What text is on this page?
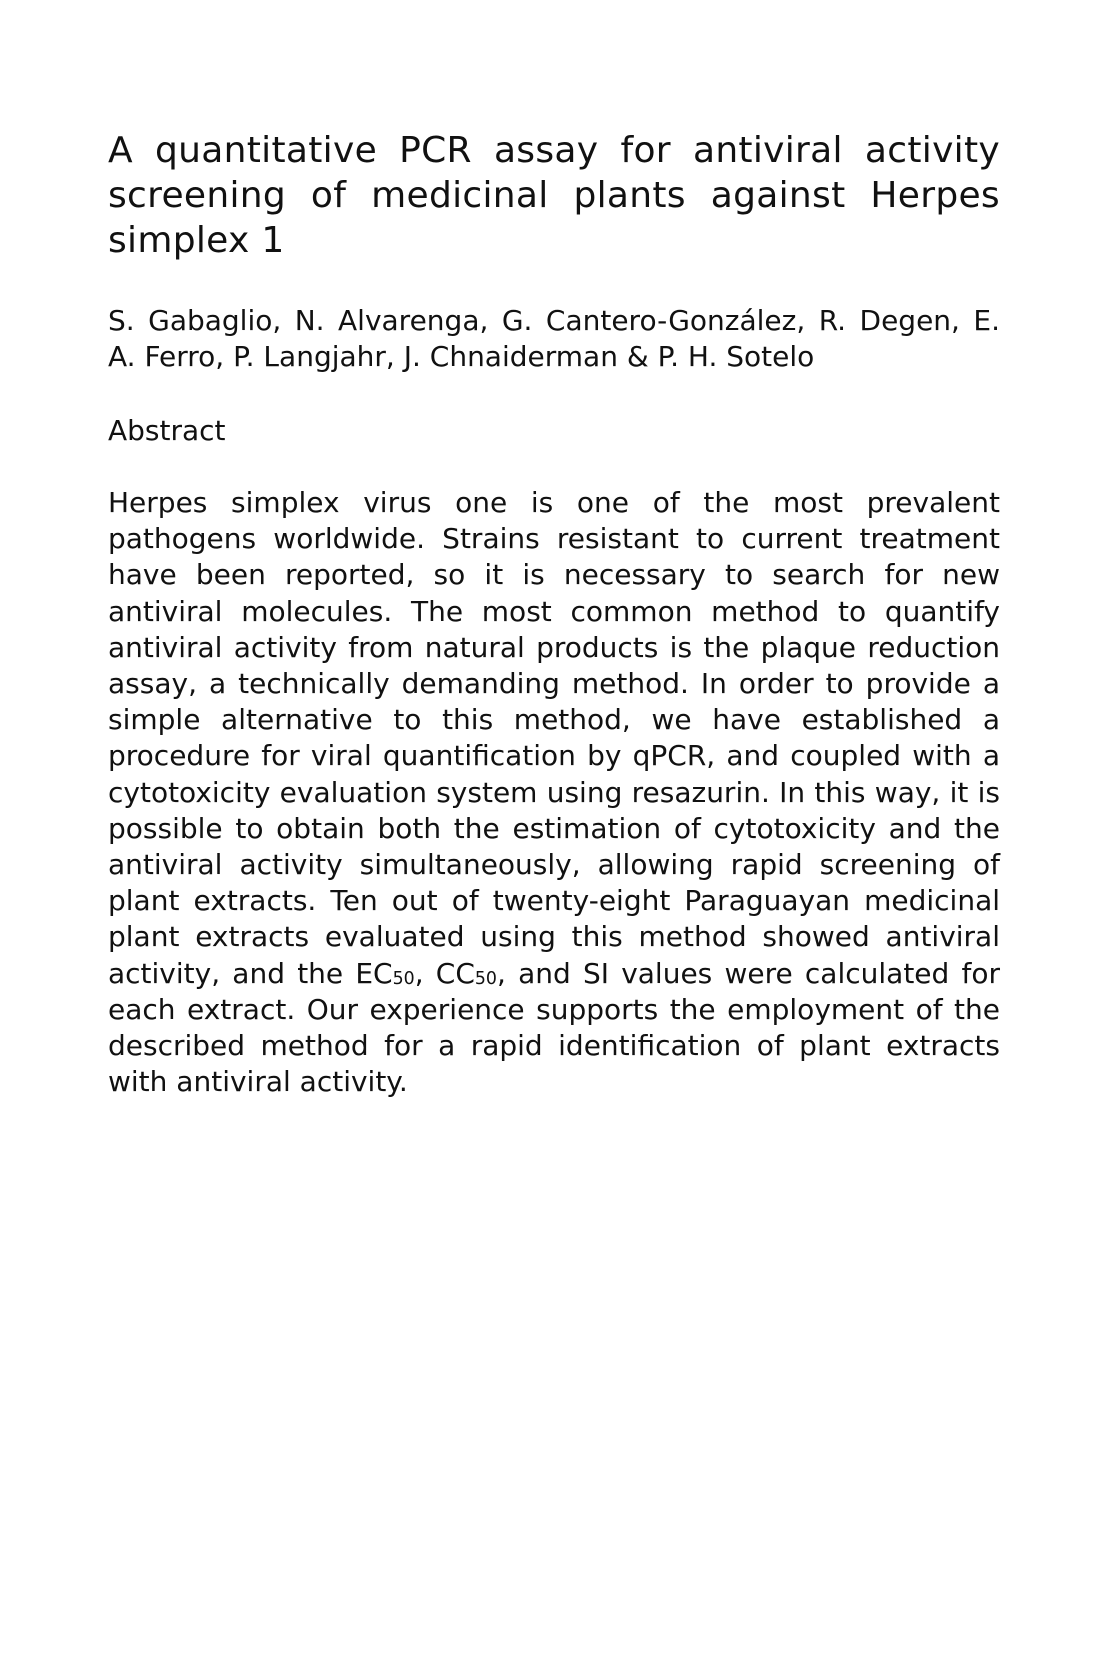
A quantitative PCR assay for antiviral activity screening of medicinal plants against Herpes simplex 1

S. Gabaglio, N. Alvarenga, G. Cantero-González, R. Degen, E. A. Ferro, P. Langjahr, J. Chnaiderman & P. H. Sotelo

Abstract

Herpes simplex virus one is one of the most prevalent pathogens worldwide. Strains resistant to current treatment have been reported, so it is necessary to search for new antiviral molecules. The most common method to quantify antiviral activity from natural products is the plaque reduction assay, a technically demanding method. In order to provide a simple alternative to this method, we have established a procedure for viral quantification by qPCR, and coupled with a cytotoxicity evaluation system using resazurin. In this way, it is possible to obtain both the estimation of cytotoxicity and the antiviral activity simultaneously, allowing rapid screening of plant extracts. Ten out of twenty-eight Paraguayan medicinal plant extracts evaluated using this method showed antiviral activity, and the $EC_{50}$, $CC_{50}$, and SI values were calculated for each extract. Our experience supports the employment of the described method for a rapid identification of plant extracts with antiviral activity.
